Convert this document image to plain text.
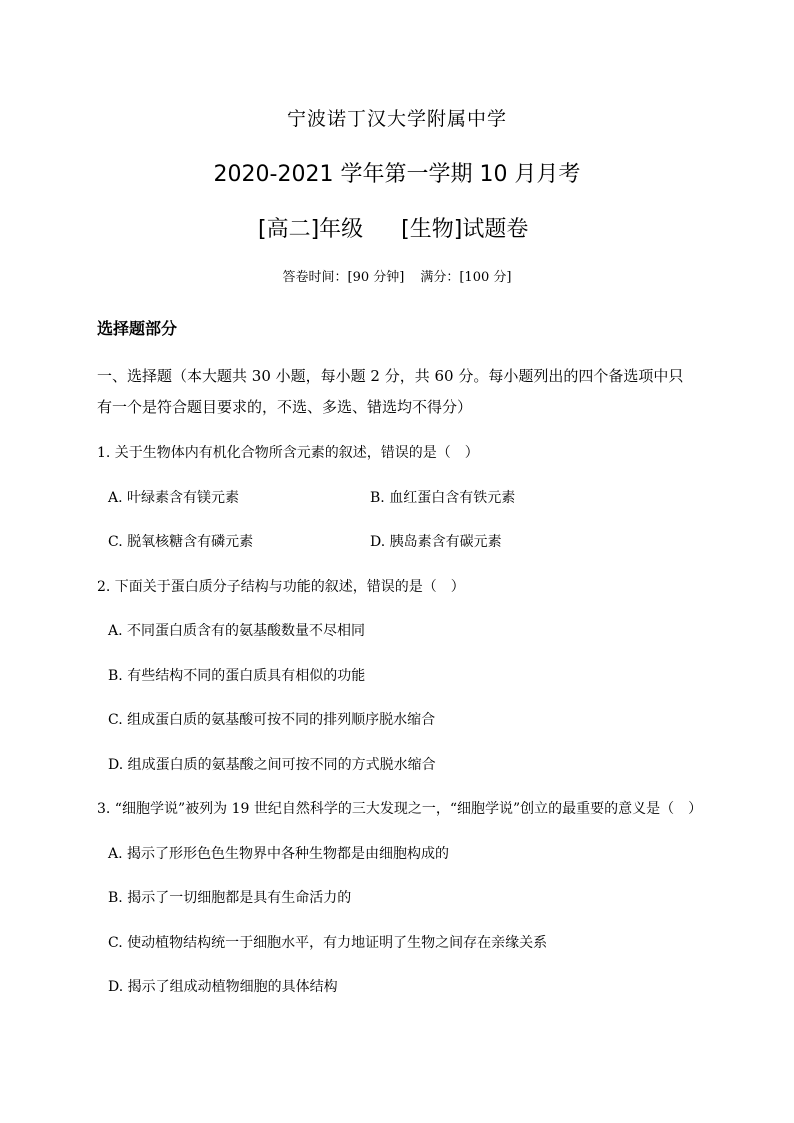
宁波诺丁汉大学附属中学
2020-2021 学年第一学期 10 月月考
[高二]年级 [生物]试题卷
答卷时间：[90 分钟] 满分：[100 分]
选择题部分
一、选择题（本大题共 30 小题，每小题 2 分，共 60 分。每小题列出的四个备选项中只
有一个是符合题目要求的，不选、多选、错选均不得分）
1. 关于生物体内有机化合物所含元素的叙述，错误的是（　）
A. 叶绿素含有镁元素	B. 血红蛋白含有铁元素
C. 脱氧核糖含有磷元素	D. 胰岛素含有碳元素
2. 下面关于蛋白质分子结构与功能的叙述，错误的是（　）
A. 不同蛋白质含有的氨基酸数量不尽相同
B. 有些结构不同的蛋白质具有相似的功能
C. 组成蛋白质的氨基酸可按不同的排列顺序脱水缩合
D. 组成蛋白质的氨基酸之间可按不同的方式脱水缩合
3. “细胞学说”被列为 19 世纪自然科学的三大发现之一，“细胞学说”创立的最重要的意义是（　）
A. 揭示了形形色色生物界中各种生物都是由细胞构成的
B. 揭示了一切细胞都是具有生命活力的
C. 使动植物结构统一于细胞水平，有力地证明了生物之间存在亲缘关系
D. 揭示了组成动植物细胞的具体结构
